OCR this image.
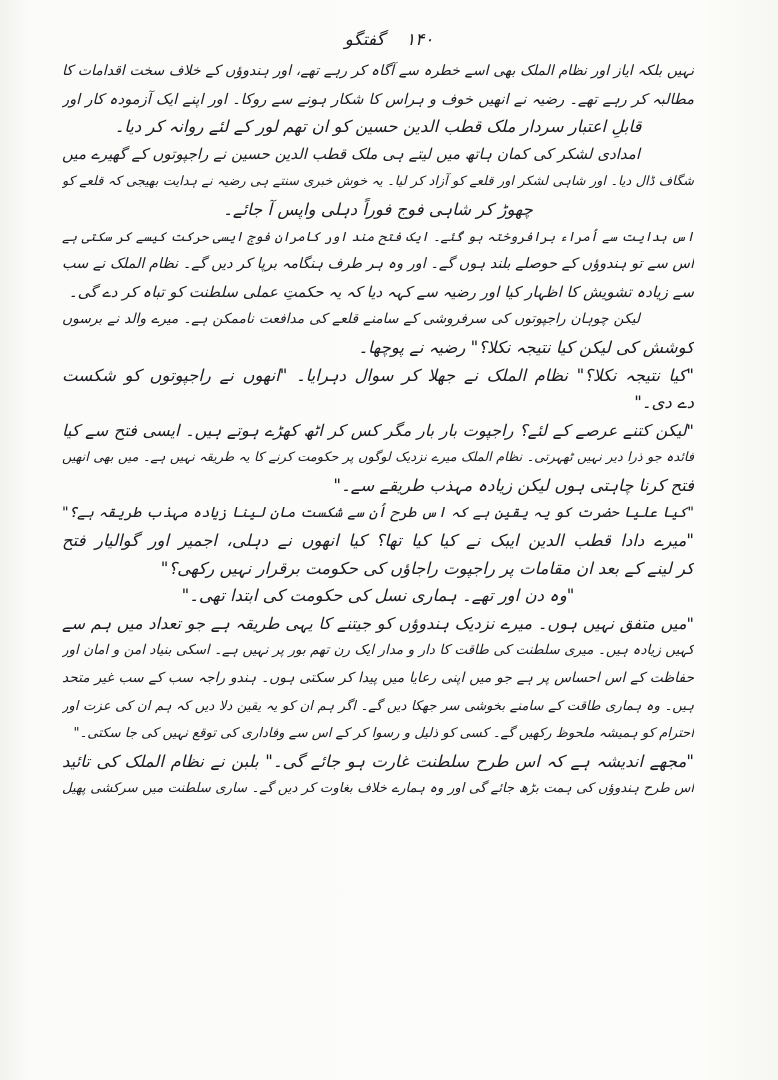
۱۴۰ گفتگو
نہیں بلکہ ایاز اور نظام الملک بھی اسے خطرہ سے آگاہ کر رہے تھے، اور ہندوؤں کے خلاف سخت اقدامات کا
مطالبہ کر رہے تھے۔ رضیہ نے انھیں خوف و ہراس کا شکار ہونے سے روکا۔ اور اپنے ایک آزمودہ کار اور
قابلِ اعتبار سردار ملک قطب الدین حسین کو ان تھم لور کے لئے روانہ کر دیا۔
امدادی لشکر کی کمان ہاتھ میں لیتے ہی ملک قطب الدین حسین نے راجپوتوں کے گھیرے میں
شگاف ڈال دیا۔ اور شاہی لشکر اور قلعے کو آزاد کر لیا۔ یہ خوش خبری سنتے ہی رضیہ نے ہدایت بھیجی کہ قلعے کو
چھوڑ کر شاہی فوج فوراً دہلی واپس آ جائے۔
اس ہدایت سے اُمراء برافروختہ ہو گئے۔ ایک فتح مند اور کامران فوج ایسی حرکت کیسے کر سکتی ہے
اس سے تو ہندوؤں کے حوصلے بلند ہوں گے۔ اور وہ ہر طرف ہنگامہ برپا کر دیں گے۔ نظام الملک نے سب
سے زیادہ تشویش کا اظہار کیا اور رضیہ سے کہہ دیا کہ یہ حکمتِ عملی سلطنت کو تباہ کر دے گی۔
لیکن چوہان راجپوتوں کی سرفروشی کے سامنے قلعے کی مدافعت ناممکن ہے۔ میرے والد نے برسوں
کوشش کی لیکن کیا نتیجہ نکلا؟" رضیہ نے پوچھا۔
"کیا نتیجہ نکلا؟" نظام الملک نے جھلا کر سوال دہرایا۔ "انھوں نے راجپوتوں کو شکست
دے دی۔"
"لیکن کتنے عرصے کے لئے؟ راجپوت بار بار مگر کس کر اٹھ کھڑے ہوتے ہیں۔ ایسی فتح سے کیا
فائدہ جو ذرا دیر نہیں ٹھہرتی۔ نظام الملک میرے نزدیک لوگوں پر حکومت کرنے کا یہ طریقہ نہیں ہے۔ میں بھی انھیں
فتح کرنا چاہتی ہوں لیکن زیادہ مہذب طریقے سے۔"
"کیا علیا حضرت کو یہ یقین ہے کہ اس طرح اُن سے شکست مان لینا زیادہ مہذب طریقہ ہے؟"
"میرے دادا قطب الدین ایبک نے کیا کیا تھا؟ کیا انھوں نے دہلی، اجمیر اور گوالیار فتح
کر لینے کے بعد ان مقامات پر راجپوت راجاؤں کی حکومت برقرار نہیں رکھی؟"
"وہ دن اور تھے۔ ہماری نسل کی حکومت کی ابتدا تھی۔"
"میں متفق نہیں ہوں۔ میرے نزدیک ہندوؤں کو جیتنے کا یہی طریقہ ہے جو تعداد میں ہم سے
کہیں زیادہ ہیں۔ میری سلطنت کی طاقت کا دار و مدار ایک رن تھم بور پر نہیں ہے۔ اسکی بنیاد امن و امان اور
حفاظت کے اس احساس پر ہے جو میں اپنی رعایا میں پیدا کر سکتی ہوں۔ ہندو راجہ سب کے سب غیر متحد
ہیں۔ وہ ہماری طاقت کے سامنے بخوشی سر جھکا دیں گے۔ اگر ہم ان کو یہ یقین دلا دیں کہ ہم ان کی عزت اور
احترام کو ہمیشہ ملحوظ رکھیں گے۔ کسی کو ذلیل و رسوا کر کے اس سے وفاداری کی توقع نہیں کی جا سکتی۔"
"مجھے اندیشہ ہے کہ اس طرح سلطنت غارت ہو جائے گی۔" بلبن نے نظام الملک کی تائید
اس طرح ہندوؤں کی ہمت بڑھ جائے گی اور وہ ہمارے خلاف بغاوت کر دیں گے۔ ساری سلطنت میں سرکشی پھیل
